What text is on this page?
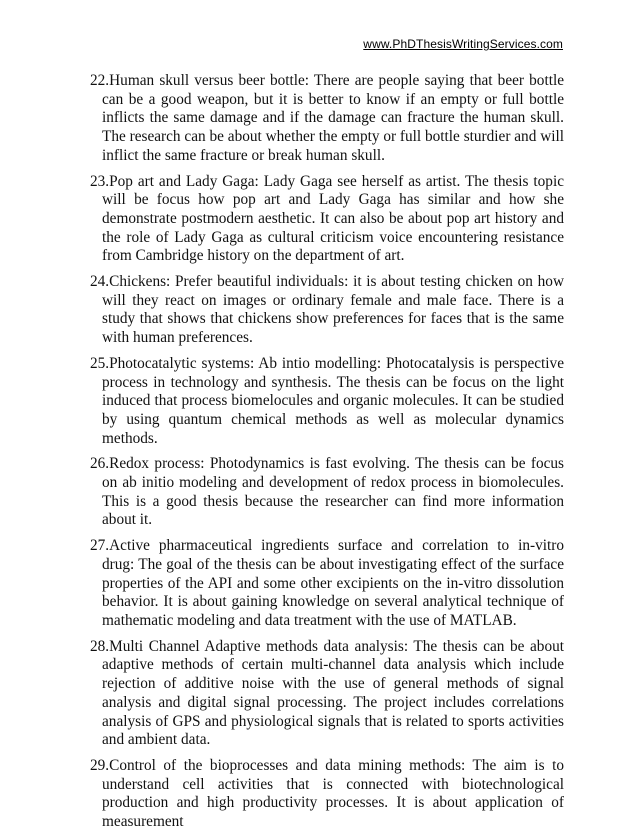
www.PhDThesisWritingServices.com
22.Human skull versus beer bottle: There are people saying that beer bottle can be a good weapon, but it is better to know if an empty or full bottle inflicts the same damage and if the damage can fracture the human skull. The research can be about whether the empty or full bottle sturdier and will inflict the same fracture or break human skull.
23.Pop art and Lady Gaga: Lady Gaga see herself as artist. The thesis topic will be focus how pop art and Lady Gaga has similar and how she demonstrate postmodern aesthetic. It can also be about pop art history and the role of Lady Gaga as cultural criticism voice encountering resistance from Cambridge history on the department of art.
24.Chickens: Prefer beautiful individuals: it is about testing chicken on how will they react on images or ordinary female and male face. There is a study that shows that chickens show preferences for faces that is the same with human preferences.
25.Photocatalytic systems: Ab intio modelling: Photocatalysis is perspective process in technology and synthesis. The thesis can be focus on the light induced that process biomelocules and organic molecules. It can be studied by using quantum chemical methods as well as molecular dynamics methods.
26.Redox process: Photodynamics is fast evolving. The thesis can be focus on ab initio modeling and development of redox process in biomolecules. This is a good thesis because the researcher can find more information about it.
27.Active pharmaceutical ingredients surface and correlation to in-vitro drug: The goal of the thesis can be about investigating effect of the surface properties of the API and some other excipients on the in-vitro dissolution behavior. It is about gaining knowledge on several analytical technique of mathematic modeling and data treatment with the use of MATLAB.
28.Multi Channel Adaptive methods data analysis: The thesis can be about adaptive methods of certain multi-channel data analysis which include rejection of additive noise with the use of general methods of signal analysis and digital signal processing. The project includes correlations analysis of GPS and physiological signals that is related to sports activities and ambient data.
29.Control of the bioprocesses and data mining methods: The aim is to understand cell activities that is connected with biotechnological production and high productivity processes. It is about application of measurement
